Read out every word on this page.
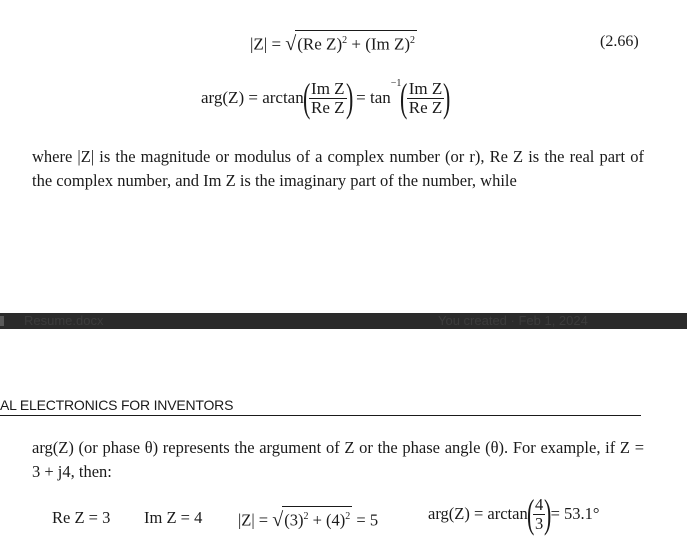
|Z| = √(Re Z)$^2$ + (Im Z)$^2$	(2.66)
arg(Z) = arctan(
$\frac{\text{Im Z}}{\text{Re Z}}$
) = $\tan^{-1}$(
$\frac{\text{Im Z}}{\text{Re Z}}$
)
where |Z| is the magnitude or modulus of a complex number (or r), Re Z is the real part of the complex number, and Im Z is the imaginary part of the number, while
Resume.docx	You created · Feb 1, 2024
AL ELECTRONICS FOR INVENTORS
arg(Z) (or phase θ) represents the argument of Z or the phase angle (θ). For example, if Z = 3 + j4, then:
Re Z = 3 Im Z = 4 $|Z| = √(3)^2 + (4)^2 = 5$	arg(Z) = arctan(
$\frac{4}{3}$
)= 53.1°
